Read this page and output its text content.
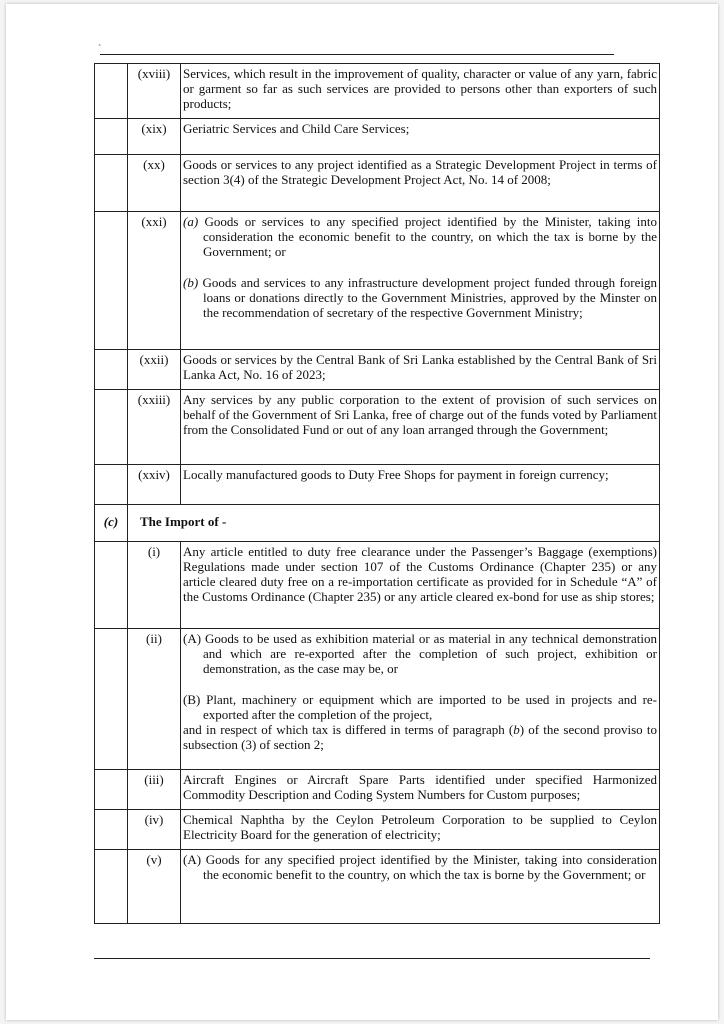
`
	(xviii)	Services, which result in the improvement of quality, character or value of any yarn, fabric or garment so far as such services are provided to persons other than exporters of such products;
	(xix)	Geriatric Services and Child Care Services;
	(xx)	Goods or services to any project identified as a Strategic Development Project in terms of section 3(4) of the Strategic Development Project Act, No. 14 of 2008;
	(xxi)	(a) Goods or services to any specified project identified by the Minister, taking into consideration the economic benefit to the country, on which the tax is borne by the Government; or
(b) Goods and services to any infrastructure development project funded through foreign loans or donations directly to the Government Ministries, approved by the Minster on the recommendation of secretary of the respective Government Ministry;

	(xxii)	Goods or services by the Central Bank of Sri Lanka established by the Central Bank of Sri Lanka Act, No. 16 of 2023;
	(xxiii)	Any services by any public corporation to the extent of provision of such services on behalf of the Government of Sri Lanka, free of charge out of the funds voted by Parliament from the Consolidated Fund or out of any loan arranged through the Government;
	(xxiv)	Locally manufactured goods to Duty Free Shops for payment in foreign currency;
(c)	The Import of -	
	(i)	Any article entitled to duty free clearance under the Passenger’s Baggage (exemptions) Regulations made under section 107 of the Customs Ordinance (Chapter 235) or any article cleared duty free on a re-importation certificate as provided for in Schedule “A” of the Customs Ordinance (Chapter 235) or any article cleared ex-bond for use as ship stores;
	(ii)	(A) Goods to be used as exhibition material or as material in any technical demonstration and which are re-exported after the completion of such project, exhibition or demonstration, as the case may be, or
(B) Plant, machinery or equipment which are imported to be used in projects and re-exported after the completion of the project,
and in respect of which tax is differed in terms of paragraph (b) of the second proviso to subsection (3) of section 2;

	(iii)	Aircraft Engines or Aircraft Spare Parts identified under specified Harmonized Commodity Description and Coding System Numbers for Custom purposes;
	(iv)	Chemical Naphtha by the Ceylon Petroleum Corporation to be supplied to Ceylon Electricity Board for the generation of electricity;
	(v)	(A) Goods for any specified project identified by the Minister, taking into consideration the economic benefit to the country, on which the tax is borne by the Government; or
